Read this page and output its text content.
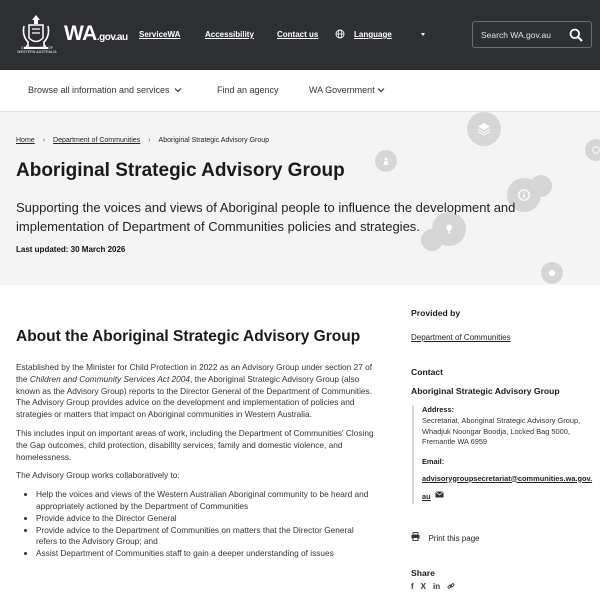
GOVERNMENT OF WESTERN AUSTRALIA
WA.gov.au ServiceWA	Accessibility	Contact us	Language	Search WA.gov.au
Browse all information and services	Find an agency	WA Government
Home › Department of Communities › Aboriginal Strategic Advisory Group
Aboriginal Strategic Advisory Group
Supporting the voices and views of Aboriginal people to influence the development and implementation of Department of Communities policies and strategies.
Last updated: 30 March 2026
About the Aboriginal Strategic Advisory Group

Established by the Minister for Child Protection in 2022 as an Advisory Group under section 27 of the Children and Community Services Act 2004, the Aboriginal Strategic Advisory Group (also known as the Advisory Group) reports to the Director General of the Department of Communities. The Advisory Group provides advice on the development and implementation of policies and strategies or matters that impact on Aboriginal communities in Western Australia.

This includes input on important areas of work, including the Department of Communities' Closing the Gap outcomes, child protection, disability services, family and domestic violence, and homelessness.

The Advisory Group works collaboratively to:

• Help the voices and views of the Western Australian Aboriginal community to be heard and appropriately actioned by the Department of Communities
• Provide advice to the Director General
• Provide advice to the Department of Communities on matters that the Director General refers to the Advisory Group; and
• Assist Department of Communities staff to gain a deeper understanding of issues
Provided by
Department of Communities
Contact
Aboriginal Strategic Advisory Group
Address:
Secretariat, Aboriginal Strategic Advisory Group, Whadjuk Noongar Boodja, Locked Bag 5000, Fremantle WA 6959
Email:
advisorygroupsecretariat@communities.wa.gov.au
Print this page
Share
f X in
